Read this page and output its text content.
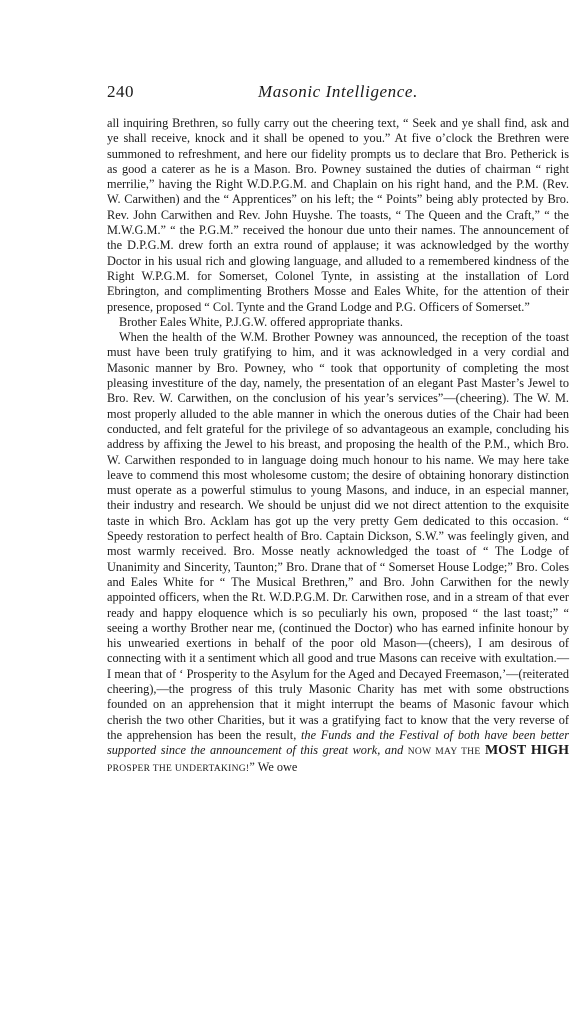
240	Masonic Intelligence.

all inquiring Brethren, so fully carry out the cheering text, “ Seek and ye shall find, ask and ye shall receive, knock and it shall be opened to you.” At five o’clock the Brethren were summoned to refreshment, and here our fidelity prompts us to declare that Bro. Petherick is as good a caterer as he is a Mason. Bro. Powney sustained the duties of chairman “ right merrilie,” having the Right W.D.P.G.M. and Chaplain on his right hand, and the P.M. (Rev. W. Carwithen) and the “ Apprentices” on his left; the “ Points” being ably protected by Bro. Rev. John Carwithen and Rev. John Huyshe. The toasts, “ The Queen and the Craft,” “ the M.W.G.M.” “ the P.G.M.” received the honour due unto their names. The announcement of the D.P.G.M. drew forth an extra round of applause; it was acknowledged by the worthy Doctor in his usual rich and glowing language, and alluded to a remembered kindness of the Right W.P.G.M. for Somerset, Colonel Tynte, in assisting at the installation of Lord Ebrington, and complimenting Brothers Mosse and Eales White, for the attention of their presence, proposed “ Col. Tynte and the Grand Lodge and P.G. Officers of Somerset.”

Brother Eales White, P.J.G.W. offered appropriate thanks.

When the health of the W.M. Brother Powney was announced, the reception of the toast must have been truly gratifying to him, and it was acknowledged in a very cordial and Masonic manner by Bro. Powney, who “ took that opportunity of completing the most pleasing investiture of the day, namely, the presentation of an elegant Past Master’s Jewel to Bro. Rev. W. Carwithen, on the conclusion of his year’s services”—(cheering). The W. M. most properly alluded to the able manner in which the onerous duties of the Chair had been conducted, and felt grateful for the privilege of so advantageous an example, concluding his address by affixing the Jewel to his breast, and proposing the health of the P.M., which Bro. W. Carwithen responded to in language doing much honour to his name. We may here take leave to commend this most wholesome custom; the desire of obtaining honorary distinction must operate as a powerful stimulus to young Masons, and induce, in an especial manner, their industry and research. We should be unjust did we not direct attention to the exquisite taste in which Bro. Acklam has got up the very pretty Gem dedicated to this occasion. “ Speedy restoration to perfect health of Bro. Captain Dickson, S.W.” was feelingly given, and most warmly received. Bro. Mosse neatly acknowledged the toast of “ The Lodge of Unanimity and Sincerity, Taunton;” Bro. Drane that of “ Somerset House Lodge;” Bro. Coles and Eales White for “ The Musical Brethren,” and Bro. John Carwithen for the newly appointed officers, when the Rt. W.D.P.G.M. Dr. Carwithen rose, and in a stream of that ever ready and happy eloquence which is so peculiarly his own, proposed “ the last toast;” “ seeing a worthy Brother near me, (continued the Doctor) who has earned infinite honour by his unwearied exertions in behalf of the poor old Mason—(cheers), I am desirous of connecting with it a sentiment which all good and true Masons can receive with exultation.—I mean that of ‘ Prosperity to the Asylum for the Aged and Decayed Freemason,’—(reiterated cheering),—the progress of this truly Masonic Charity has met with some obstructions founded on an apprehension that it might interrupt the beams of Masonic favour which cherish the two other Charities, but it was a gratifying fact to know that the very reverse of the apprehension has been the result, the Funds and the Festival of both have been better supported since the announcement of this great work, and NOW MAY THE MOST HIGH PROSPER THE UNDERTAKING!” We owe
